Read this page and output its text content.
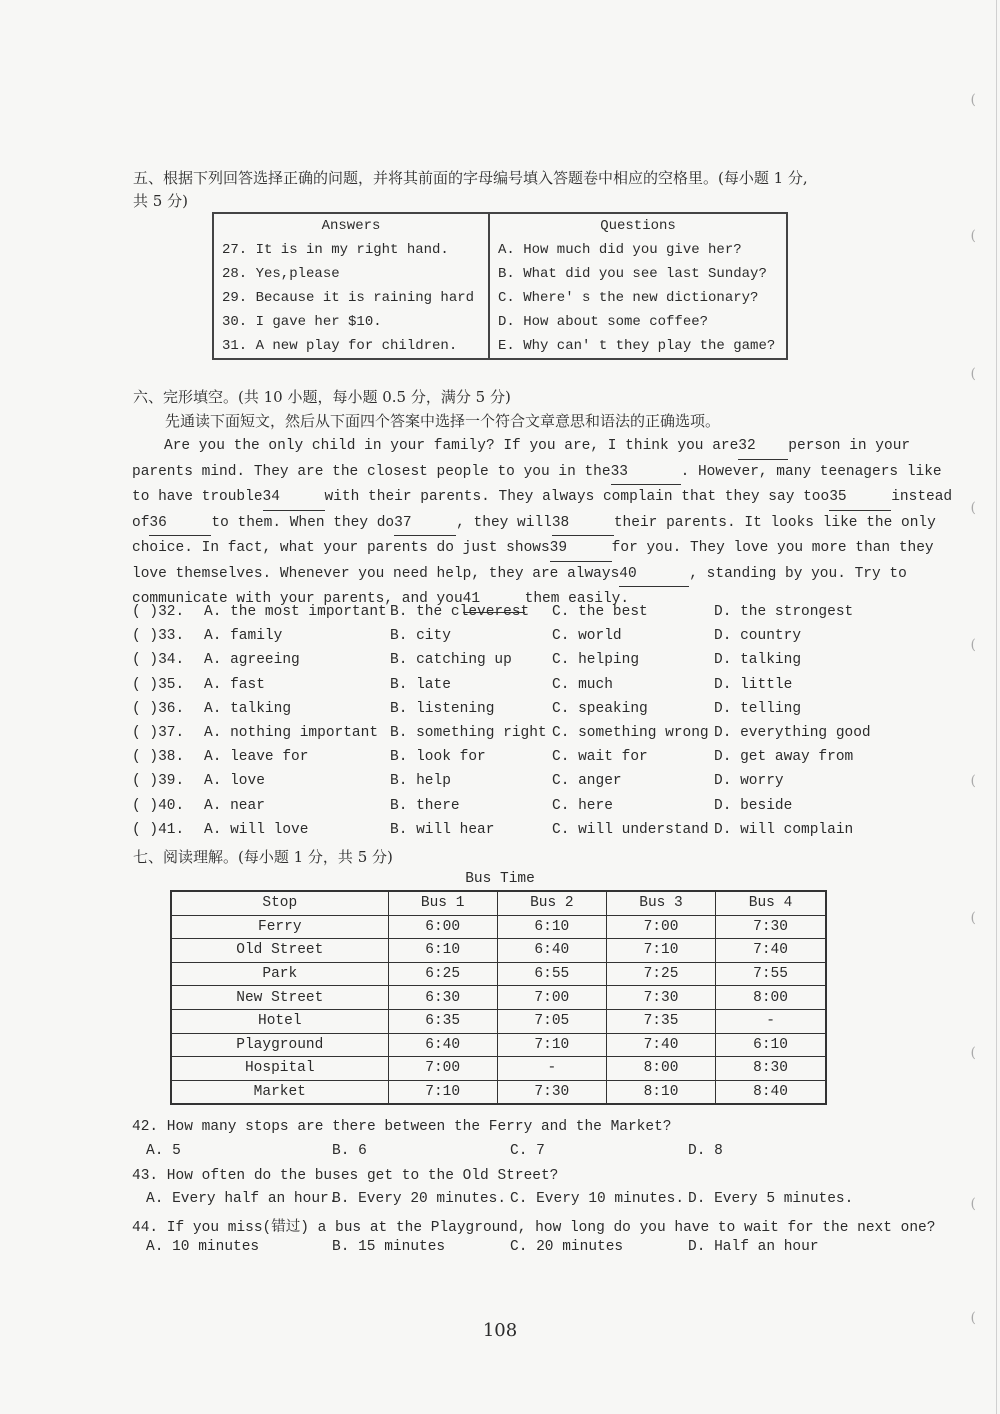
(
(
(
(
(
(
(
(
(
(
五、根据下列回答选择正确的问题，并将其前面的字母编号填入答题卷中相应的空格里。(每小题 1 分,
共 5 分)
Answers	Questions
27. It is in my right hand.	A. How much did you give her?
28. Yes,please	B. What did you see last Sunday?
29. Because it is raining hard	C. Where' s the new dictionary?
30. I gave her $10.	D. How about some coffee?
31. A new play for children.	E. Why can' t they play the game?
六、完形填空。(共 10 小题，每小题 0.5 分，满分 5 分)
先通读下面短文，然后从下面四个答案中选择一个符合文章意思和语法的正确选项。
Are you the only child in your family? If you are, I think you are32 person in your
parents mind. They are the closest people to you in the33	. However, many teenagers like
to have trouble34	with their parents. They always complain that they say too35	instead
of36	to them. When they do37	, they will38	their parents. It looks like the only
choice. In fact, what your parents do just shows39	for you. They love you more than they
love themselves. Whenever you need help, they are always40	, standing by you. Try to
communicate with your parents, and you41	them easily.
( )32. A. the most important B. the cleverest C. the best	D. the strongest
( )33. A. family	B. city	C. world	D. country
( )34. A. agreeing	B. catching up	C. helping	D. talking
( )35. A. fast	B. late	C. much	D. little
( )36. A. talking	B. listening	C. speaking	D. telling
( )37. A. nothing important B. something right C. something wrong D. everything good
( )38. A. leave for	B. look for	C. wait for	D. get away from
( )39. A. love	B. help	C. anger	D. worry
( )40. A. near	B. there	C. here	D. beside
( )41. A. will love	B. will hear	C. will understand D. will complain
七、阅读理解。(每小题 1 分，共 5 分)
Bus Time
Stop	Bus 1	Bus 2	Bus 3	Bus 4
Ferry	6:00	6:10	7:00	7:30
Old Street	6:10	6:40	7:10	7:40
Park	6:25	6:55	7:25	7:55
New Street	6:30	7:00	7:30	8:00
Hotel	6:35	7:05	7:35	-
Playground	6:40	7:10	7:40	6:10
Hospital	7:00	-	8:00	8:30
Market	7:10	7:30	8:10	8:40
42. How many stops are there between the Ferry and the Market?
A. 5	B. 6	C. 7	D. 8
43. How often do the buses get to the Old Street?
A. Every half an hour.
B. Every 20 minutes. C. Every 10 minutes. D. Every 5 minutes.
44. If you miss(错过) a bus at the Playground, how long do you have to wait for the next one?
A. 10 minutes	B. 15 minutes	C. 20 minutes	D. Half an hour
108
